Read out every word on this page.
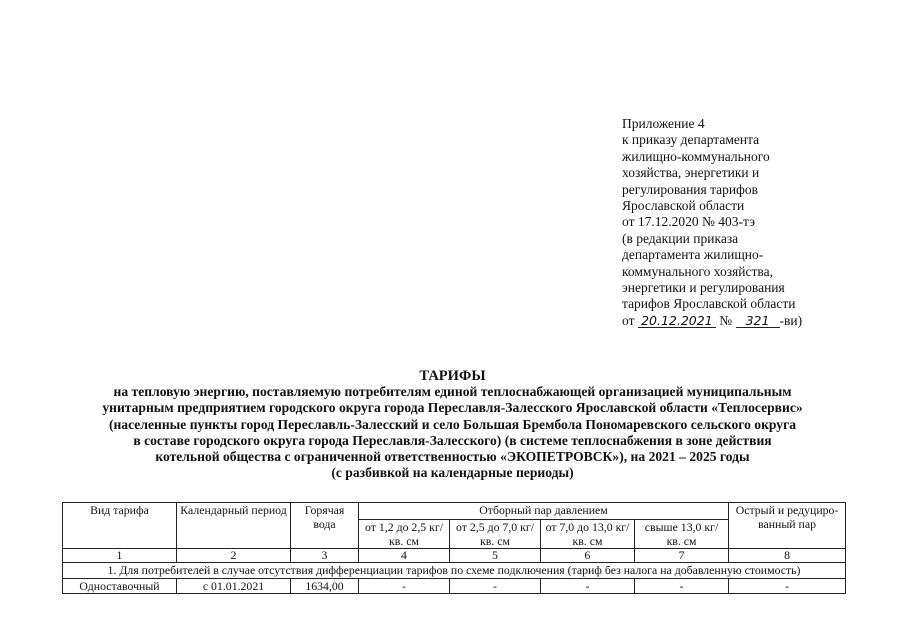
Приложение 4
к приказу департамента
жилищно-коммунального
хозяйства, энергетики и
регулирования тарифов
Ярославской области
от 17.12.2020 № 403-тэ
(в редакции приказа
департамента жилищно-
коммунального хозяйства,
энергетики и регулирования
тарифов Ярославской области
от 20.12.2021 № 321 -ви)
ТАРИФЫ
на тепловую энергию, поставляемую потребителям единой теплоснабжающей организацией муниципальным
унитарным предприятием городского округа города Переславля-Залесского Ярославской области «Теплосервис»
(населенные пункты город Переславль-Залесский и село Большая Брембола Пономаревского сельского округа
в составе городского округа города Переславля-Залесского) (в системе теплоснабжения в зоне действия
котельной общества с ограниченной ответственностью «ЭКОПЕТРОВСК»), на 2021 – 2025 годы
(с разбивкой на календарные периоды)
Вид тарифа	Календарный период	Горячая вода	Отборный пар давлением				Острый и редуциро-ванный пар
			от 1,2 до 2,5 кг/ кв. см	от 2,5 до 7,0 кг/ кв. см	от 7,0 до 13,0 кг/ кв. см	свыше 13,0 кг/ кв. см	
1	2	3	4	5	6	7	8
1. Для потребителей в случае отсутствия дифференциации тарифов по схеме подключения (тариф без налога на добавленную стоимость)							
Одноставочный	с 01.01.2021	1634,00	-	-	-	-	-
